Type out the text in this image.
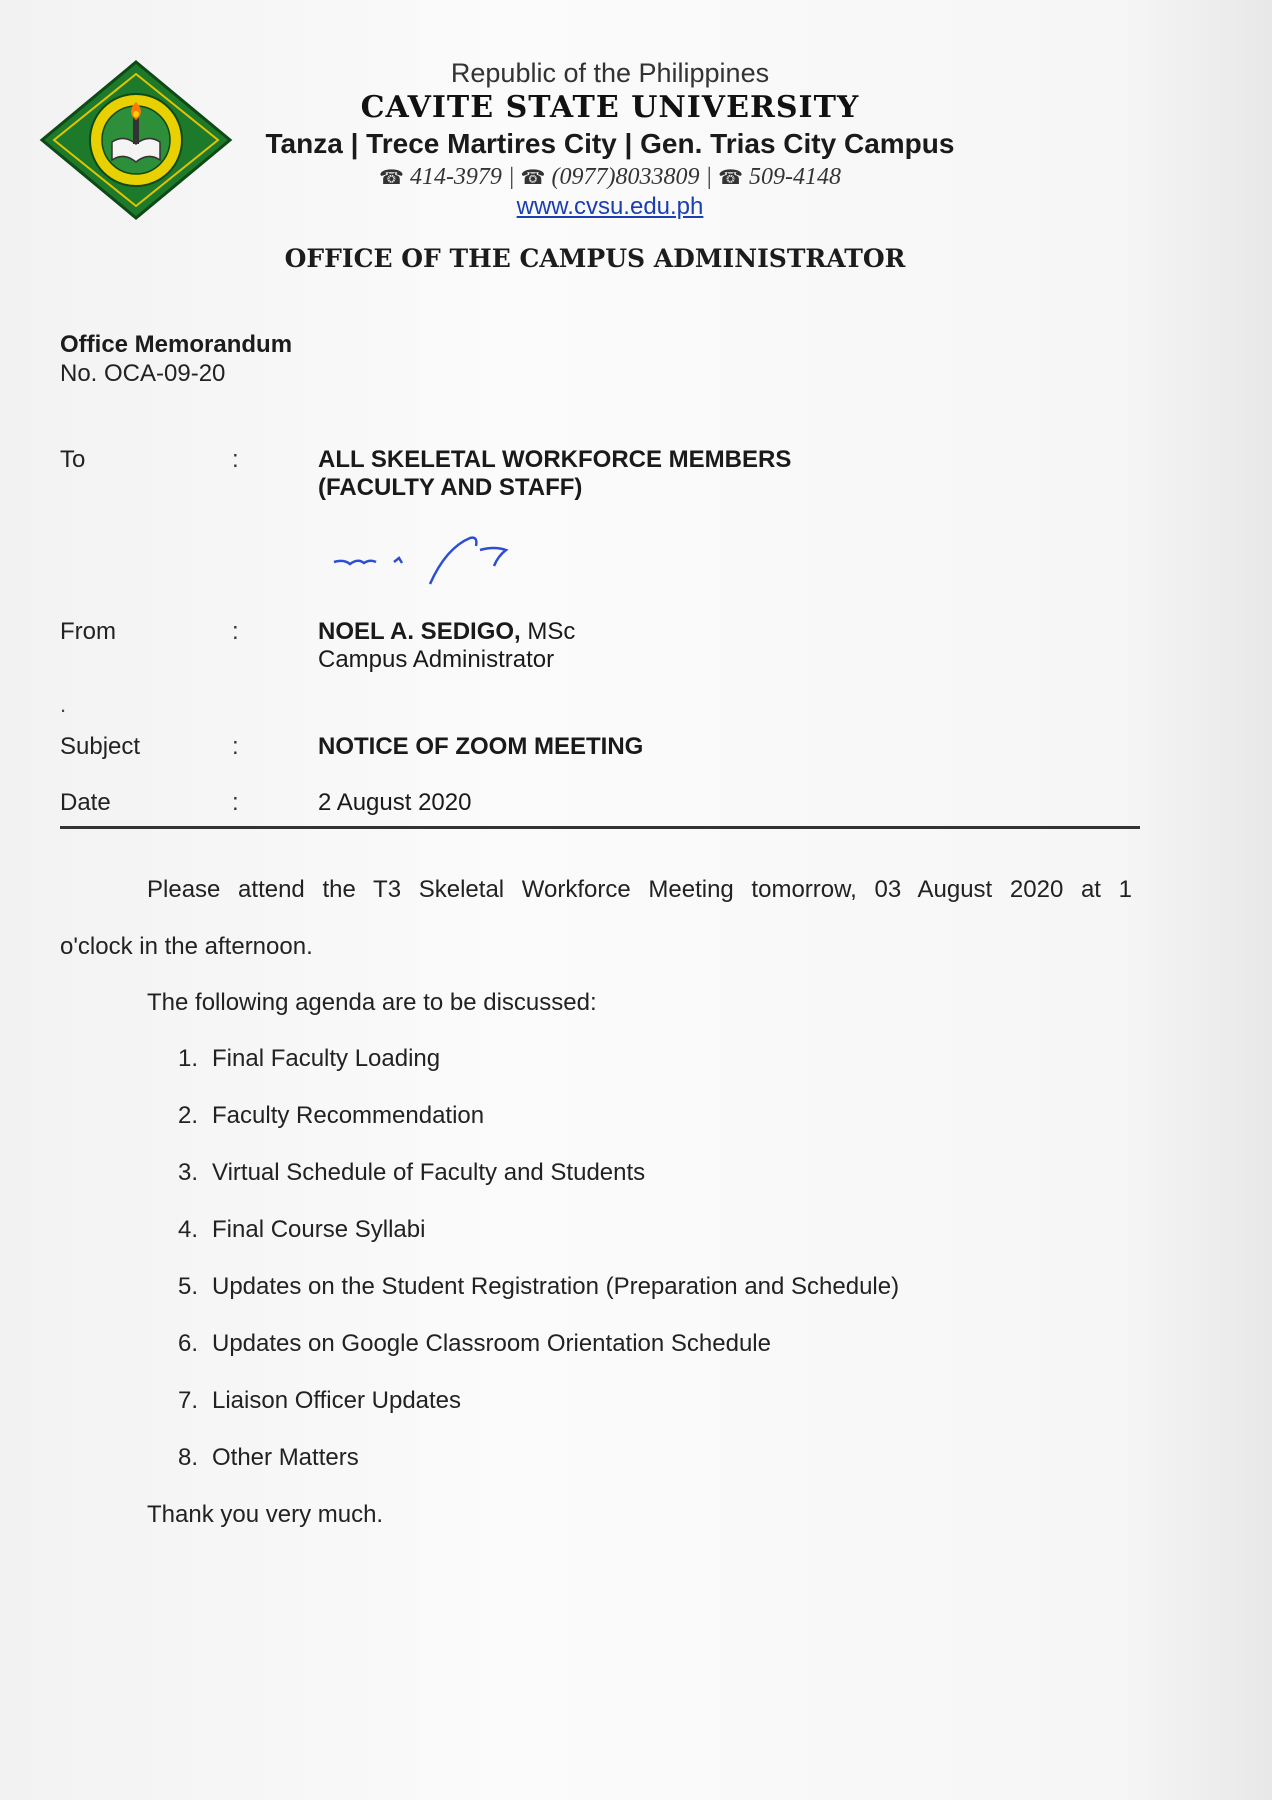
Republic of the Philippines
CAVITE STATE UNIVERSITY
Tanza | Trece Martires City | Gen. Trias City Campus
☎ 414-3979 | ☎ (0977)8033809 | ☎ 509-4148
www.cvsu.edu.ph
OFFICE OF THE CAMPUS ADMINISTRATOR
Office Memorandum
No. OCA-09-20
To	:	ALL SKELETAL WORKFORCE MEMBERS
(FACULTY AND STAFF)
From	:	NOEL A. SEDIGO, MSc
Campus Administrator
.
Subject	:	NOTICE OF ZOOM MEETING
Date	:	2 August 2020
Please attend the T3 Skeletal Workforce Meeting tomorrow, 03 August 2020 at 1
o'clock in the afternoon.
The following agenda are to be discussed:
1. Final Faculty Loading
2. Faculty Recommendation
3. Virtual Schedule of Faculty and Students
4. Final Course Syllabi
5. Updates on the Student Registration (Preparation and Schedule)
6. Updates on Google Classroom Orientation Schedule
7. Liaison Officer Updates
8. Other Matters
Thank you very much.
